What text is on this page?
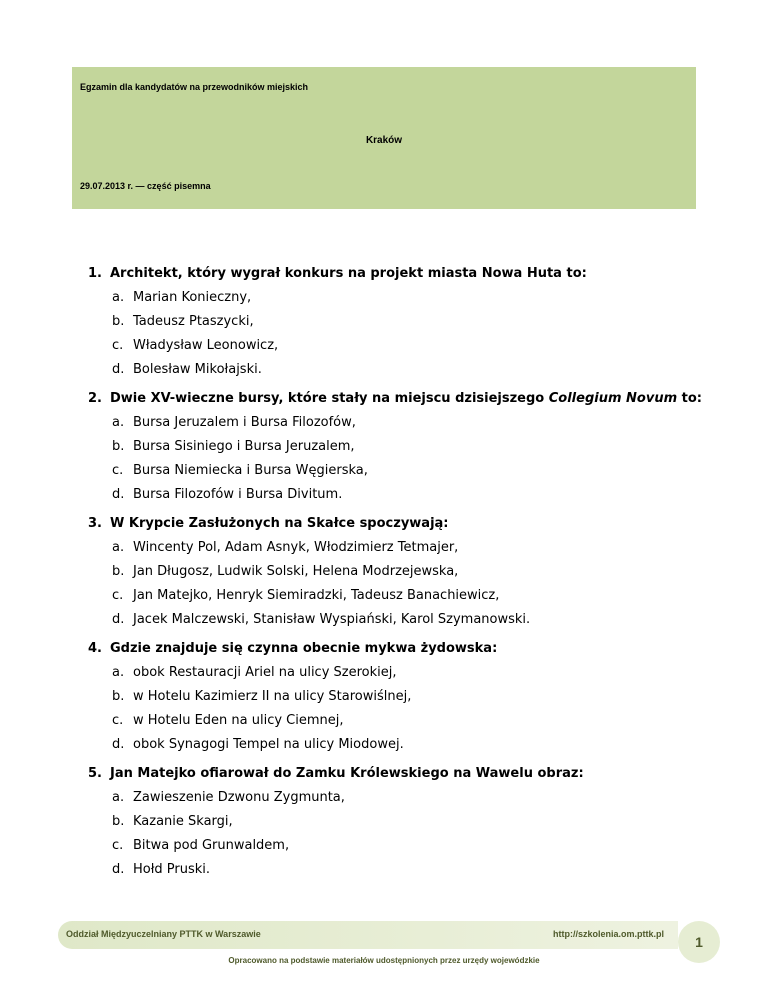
Egzamin dla kandydatów na przewodników miejskich
Kraków
29.07.2013 r. — część pisemna
1. Architekt, który wygrał konkurs na projekt miasta Nowa Huta to:
a. Marian Konieczny,
b. Tadeusz Ptaszycki,
c. Władysław Leonowicz,
d. Bolesław Mikołajski.
2. Dwie XV-wieczne bursy, które stały na miejscu dzisiejszego Collegium Novum to:
a. Bursa Jeruzalem i Bursa Filozofów,
b. Bursa Sisiniego i Bursa Jeruzalem,
c. Bursa Niemiecka i Bursa Węgierska,
d. Bursa Filozofów i Bursa Divitum.
3. W Krypcie Zasłużonych na Skałce spoczywają:
a. Wincenty Pol, Adam Asnyk, Włodzimierz Tetmajer,
b. Jan Długosz, Ludwik Solski, Helena Modrzejewska,
c. Jan Matejko, Henryk Siemiradzki, Tadeusz Banachiewicz,
d. Jacek Malczewski, Stanisław Wyspiański, Karol Szymanowski.
4. Gdzie znajduje się czynna obecnie mykwa żydowska:
a. obok Restauracji Ariel na ulicy Szerokiej,
b. w Hotelu Kazimierz II na ulicy Starowiślnej,
c. w Hotelu Eden na ulicy Ciemnej,
d. obok Synagogi Tempel na ulicy Miodowej.
5. Jan Matejko ofiarował do Zamku Królewskiego na Wawelu obraz:
a. Zawieszenie Dzwonu Zygmunta,
b. Kazanie Skargi,
c. Bitwa pod Grunwaldem,
d. Hołd Pruski.
Oddział Międzyuczelniany PTTK w Warszawie	http://szkolenia.om.pttk.pl	1
Opracowano na podstawie materiałów udostępnionych przez urzędy wojewódzkie
